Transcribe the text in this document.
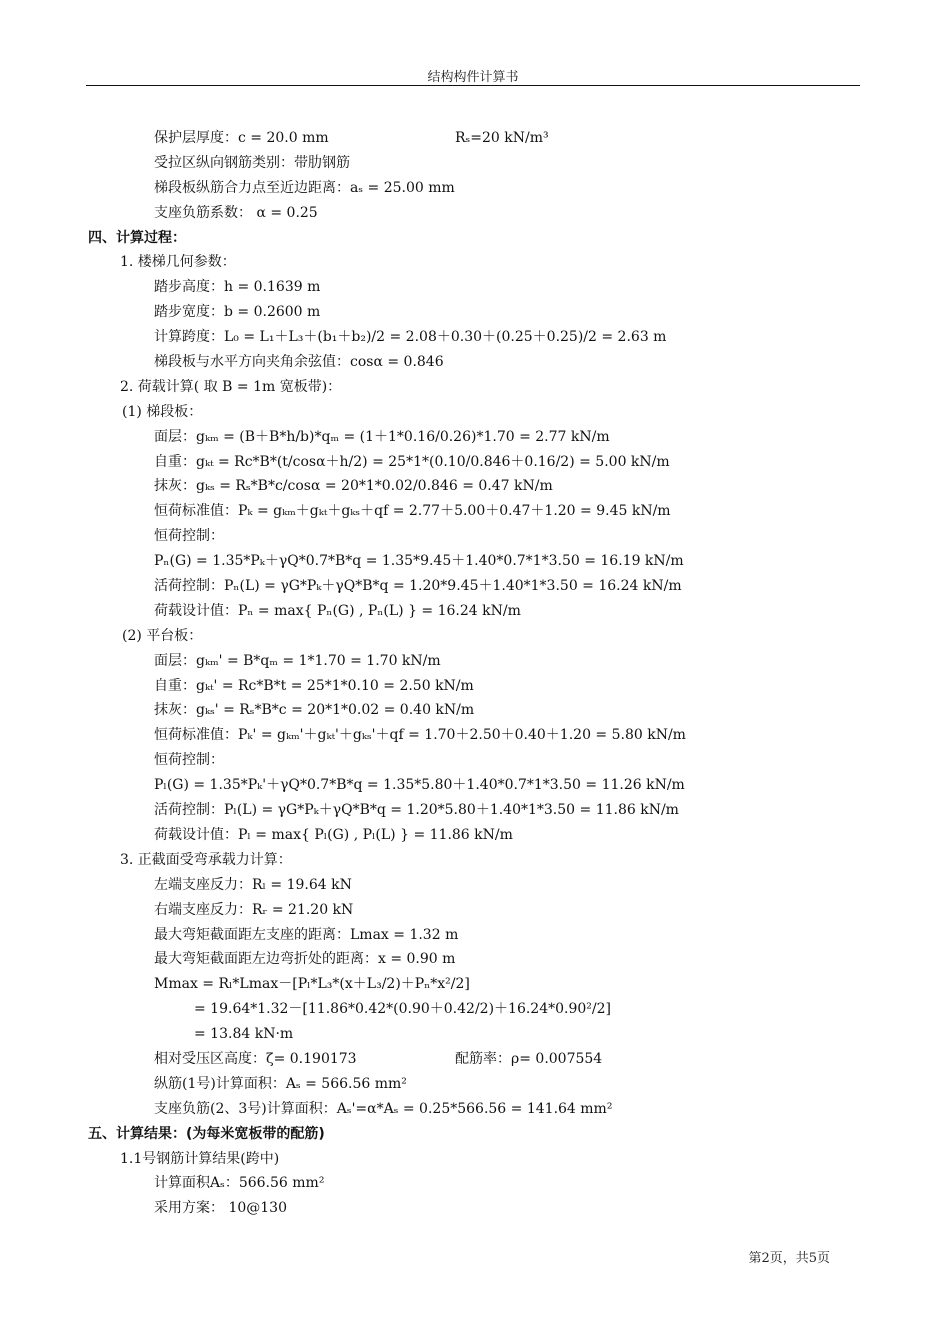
结构构件计算书
保护层厚度：c = 20.0 mm	Rₛ=20 kN/m³
受拉区纵向钢筋类别：带肋钢筋
梯段板纵筋合力点至近边距离：aₛ = 25.00 mm
支座负筋系数： α = 0.25
四、计算过程：
1. 楼梯几何参数：
踏步高度：h = 0.1639 m
踏步宽度：b = 0.2600 m
计算跨度：L₀ = L₁＋L₃＋(b₁＋b₂)/2 = 2.08＋0.30＋(0.25＋0.25)/2 = 2.63 m
梯段板与水平方向夹角余弦值：cosα = 0.846
2. 荷载计算( 取 B = 1m 宽板带)：
(1) 梯段板：
面层：gₖₘ = (B＋B*h/b)*qₘ = (1＋1*0.16/0.26)*1.70 = 2.77 kN/m
自重：gₖₜ = Rc*B*(t/cosα＋h/2) = 25*1*(0.10/0.846＋0.16/2) = 5.00 kN/m
抹灰：gₖₛ = Rₛ*B*c/cosα = 20*1*0.02/0.846 = 0.47 kN/m
恒荷标准值：Pₖ = gₖₘ＋gₖₜ＋gₖₛ＋qf = 2.77＋5.00＋0.47＋1.20 = 9.45 kN/m
恒荷控制：
Pₙ(G) = 1.35*Pₖ＋γQ*0.7*B*q = 1.35*9.45＋1.40*0.7*1*3.50 = 16.19 kN/m
活荷控制：Pₙ(L) = γG*Pₖ＋γQ*B*q = 1.20*9.45＋1.40*1*3.50 = 16.24 kN/m
荷载设计值：Pₙ = max{ Pₙ(G) , Pₙ(L) } = 16.24 kN/m
(2) 平台板：
面层：gₖₘ' = B*qₘ = 1*1.70 = 1.70 kN/m
自重：gₖₜ' = Rc*B*t = 25*1*0.10 = 2.50 kN/m
抹灰：gₖₛ' = Rₛ*B*c = 20*1*0.02 = 0.40 kN/m
恒荷标准值：Pₖ' = gₖₘ'＋gₖₜ'＋gₖₛ'＋qf = 1.70＋2.50＋0.40＋1.20 = 5.80 kN/m
恒荷控制：
Pₗ(G) = 1.35*Pₖ'＋γQ*0.7*B*q = 1.35*5.80＋1.40*0.7*1*3.50 = 11.26 kN/m
活荷控制：Pₗ(L) = γG*Pₖ＋γQ*B*q = 1.20*5.80＋1.40*1*3.50 = 11.86 kN/m
荷载设计值：Pₗ = max{ Pₗ(G) , Pₗ(L) } = 11.86 kN/m
3. 正截面受弯承载力计算：
左端支座反力：Rₗ = 19.64 kN
右端支座反力：Rᵣ = 21.20 kN
最大弯矩截面距左支座的距离：Lmax = 1.32 m
最大弯矩截面距左边弯折处的距离：x = 0.90 m
Mmax = Rₗ*Lmax－[Pₗ*L₃*(x＋L₃/2)＋Pₙ*x²/2]
= 19.64*1.32－[11.86*0.42*(0.90＋0.42/2)＋16.24*0.90²/2]
= 13.84 kN·m
相对受压区高度：ζ= 0.190173	配筋率：ρ= 0.007554
纵筋(1号)计算面积：Aₛ = 566.56 mm²
支座负筋(2、3号)计算面积：Aₛ'=α*Aₛ = 0.25*566.56 = 141.64 mm²
五、计算结果：(为每米宽板带的配筋)
1.1号钢筋计算结果(跨中)
计算面积Aₛ：566.56 mm²
采用方案： 10@130
第2页，共5页
